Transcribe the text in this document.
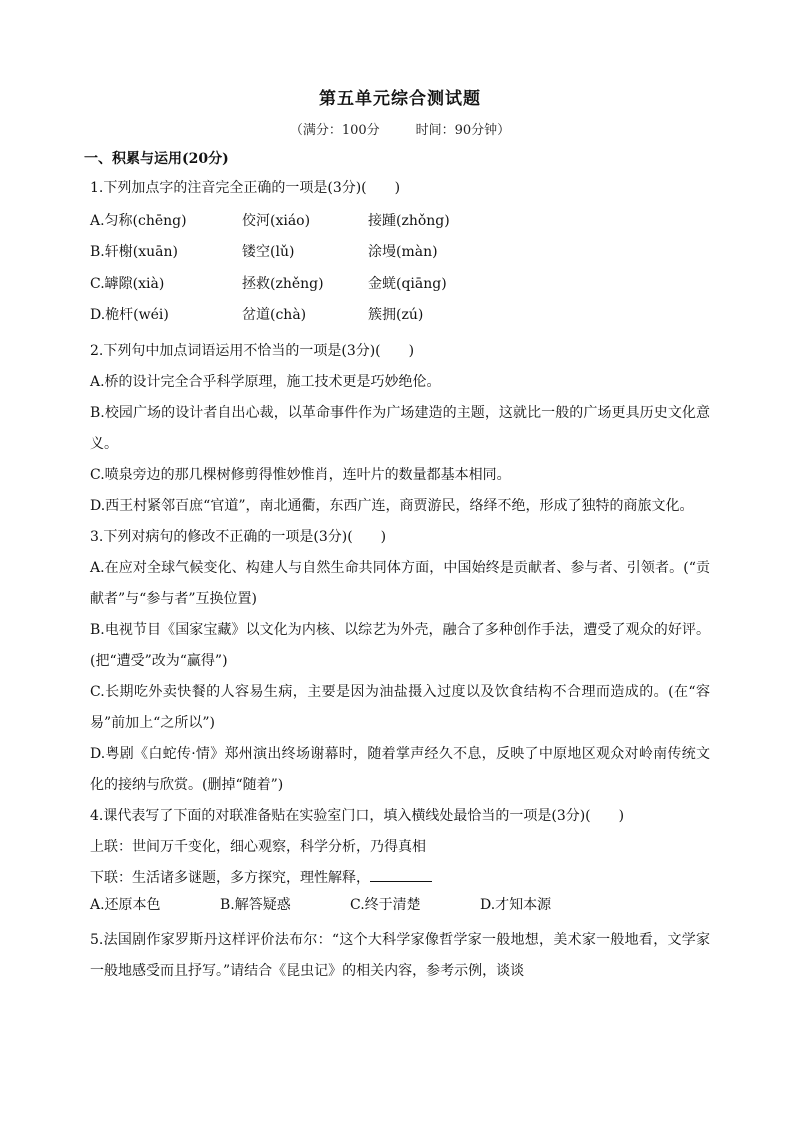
第五单元综合测试题
（满分：100分	时间：90分钟）
一、积累与运用(20分)
1.下列加点字的注音完全正确的一项是(3分)(　　)
A.匀称(chēng)	佼河(xiáo)	接踵(zhǒng)
B.轩榭(xuān)	镂空(lǔ)	涂墁(màn)
C.罅隙(xià)	拯救(zhěng)	金蜣(qiāng)
D.桅杆(wéi)	岔道(chà)	簇拥(zú)
2.下列句中加点词语运用不恰当的一项是(3分)(　　)
A.桥的设计完全合乎科学原理，施工技术更是巧妙绝伦。
B.校园广场的设计者自出心裁，以革命事件作为广场建造的主题，这就比一般的广场更具历史文化意义。
C.喷泉旁边的那几棵树修剪得惟妙惟肖，连叶片的数量都基本相同。
D.西王村紧邻百庶“官道”，南北通衢，东西广连，商贾游民，络绎不绝，形成了独特的商旅文化。
3.下列对病句的修改不正确的一项是(3分)(　　)
A.在应对全球气候变化、构建人与自然生命共同体方面，中国始终是贡献者、参与者、引领者。(“贡献者”与“参与者”互换位置)
B.电视节目《国家宝藏》以文化为内核、以综艺为外壳，融合了多种创作手法，遭受了观众的好评。(把“遭受”改为“赢得”)
C.长期吃外卖快餐的人容易生病，主要是因为油盐摄入过度以及饮食结构不合理而造成的。(在“容易”前加上“之所以”)
D.粤剧《白蛇传·情》郑州演出终场谢幕时，随着掌声经久不息，反映了中原地区观众对岭南传统文化的接纳与欣赏。(删掉“随着”)
4.课代表写了下面的对联准备贴在实验室门口，填入横线处最恰当的一项是(3分)(　　)
上联：世间万千变化，细心观察，科学分析，乃得真相
下联：生活诸多谜题，多方探究，理性解释，
A.还原本色	B.解答疑惑	C.终于清楚	D.才知本源
5.法国剧作家罗斯丹这样评价法布尔：“这个大科学家像哲学家一般地想，美术家一般地看，文学家一般地感受而且抒写。”请结合《昆虫记》的相关内容，参考示例，谈谈
